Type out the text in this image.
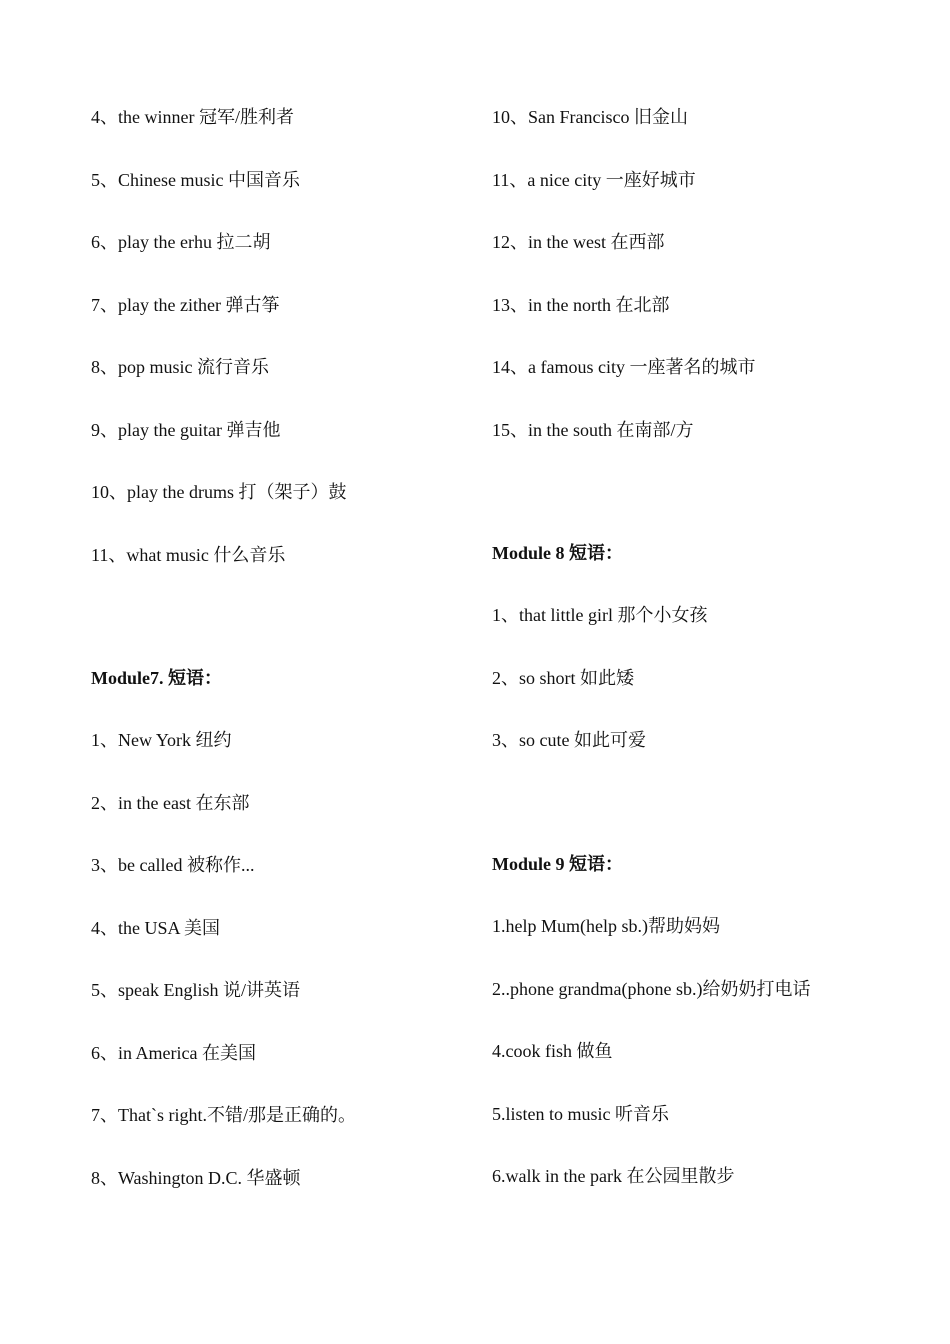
4、the winner 冠军/胜利者
5、Chinese music 中国音乐
6、play the erhu 拉二胡
7、play the zither 弹古筝
8、pop music 流行音乐
9、play the guitar 弹吉他
10、play the drums 打（架子）鼓
11、what music 什么音乐
Module7. 短语：
1、New York 纽约
2、in the east 在东部
3、be called 被称作...
4、the USA 美国
5、speak English 说/讲英语
6、in America 在美国
7、That`s right.不错/那是正确的。
8、Washington D.C. 华盛顿
10、San Francisco 旧金山
11、a nice city 一座好城市
12、in the west 在西部
13、in the north 在北部
14、a famous city 一座著名的城市
15、in the south 在南部/方
Module 8 短语：
1、that little girl 那个小女孩
2、so short 如此矮
3、so cute 如此可爱
Module 9 短语：
1.help Mum(help sb.)帮助妈妈
2..phone grandma(phone sb.)给奶奶打电话
4.cook fish 做鱼
5.listen to music 听音乐
6.walk in the park 在公园里散步
